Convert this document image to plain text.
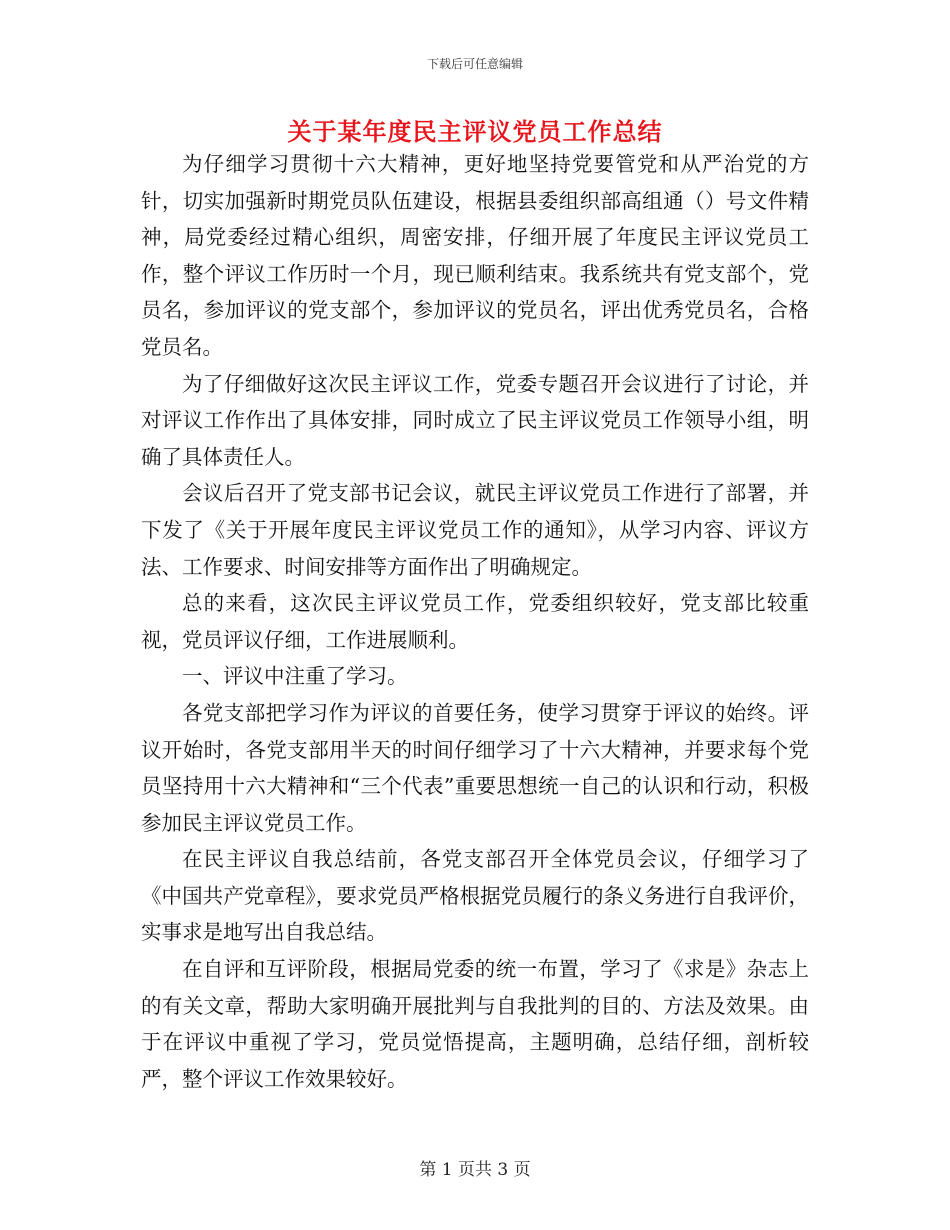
下载后可任意编辑
关于某年度民主评议党员工作总结

为仔细学习贯彻十六大精神，更好地坚持党要管党和从严治党的方针，切实加强新时期党员队伍建设，根据县委组织部高组通（）号文件精神，局党委经过精心组织，周密安排，仔细开展了年度民主评议党员工作，整个评议工作历时一个月，现已顺利结束。我系统共有党支部个，党员名，参加评议的党支部个，参加评议的党员名，评出优秀党员名，合格党员名。

为了仔细做好这次民主评议工作，党委专题召开会议进行了讨论，并对评议工作作出了具体安排，同时成立了民主评议党员工作领导小组，明确了具体责任人。

会议后召开了党支部书记会议，就民主评议党员工作进行了部署，并下发了《关于开展年度民主评议党员工作的通知》，从学习内容、评议方法、工作要求、时间安排等方面作出了明确规定。

总的来看，这次民主评议党员工作，党委组织较好，党支部比较重视，党员评议仔细，工作进展顺利。

一、评议中注重了学习。

各党支部把学习作为评议的首要任务，使学习贯穿于评议的始终。评议开始时，各党支部用半天的时间仔细学习了十六大精神，并要求每个党员坚持用十六大精神和“三个代表”重要思想统一自己的认识和行动，积极参加民主评议党员工作。

在民主评议自我总结前，各党支部召开全体党员会议，仔细学习了《中国共产党章程》，要求党员严格根据党员履行的条义务进行自我评价，实事求是地写出自我总结。

在自评和互评阶段，根据局党委的统一布置，学习了《求是》杂志上的有关文章，帮助大家明确开展批判与自我批判的目的、方法及效果。由于在评议中重视了学习，党员觉悟提高，主题明确，总结仔细，剖析较严，整个评议工作效果较好。

第 1 页共 3 页
